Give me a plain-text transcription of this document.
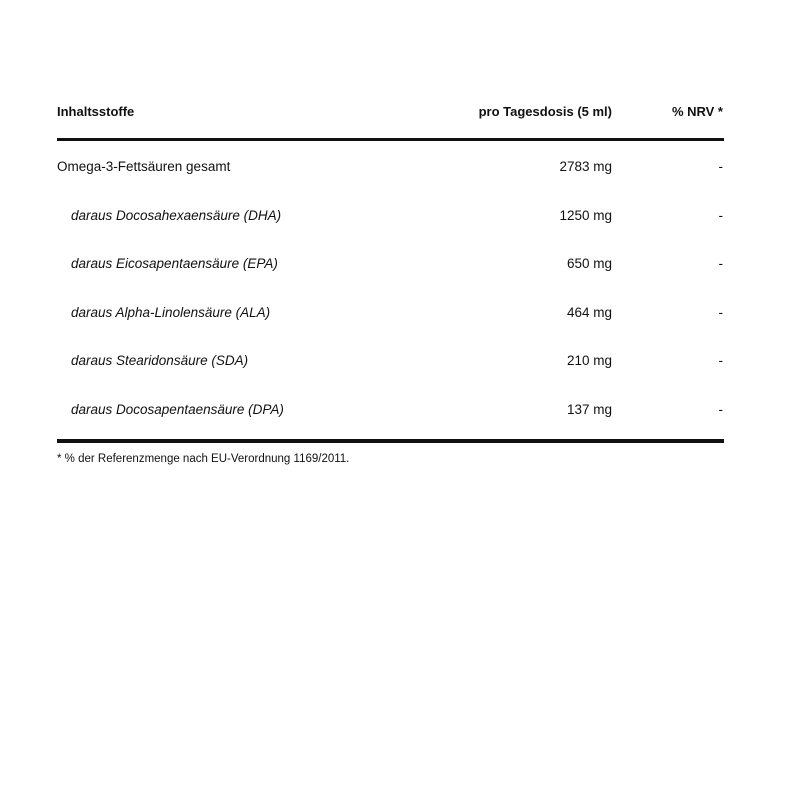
Inhaltsstoffe	pro Tagesdosis (5 ml)	% NRV *
Omega-3-Fettsäuren gesamt	2783 mg	-
daraus Docosahexaensäure (DHA)	1250 mg	-
daraus Eicosapentaensäure (EPA)	650 mg	-
daraus Alpha-Linolensäure (ALA)	464 mg	-
daraus Stearidonsäure (SDA)	210 mg	-
daraus Docosapentaensäure (DPA)	137 mg	-
* % der Referenzmenge nach EU-Verordnung 1169/2011.
